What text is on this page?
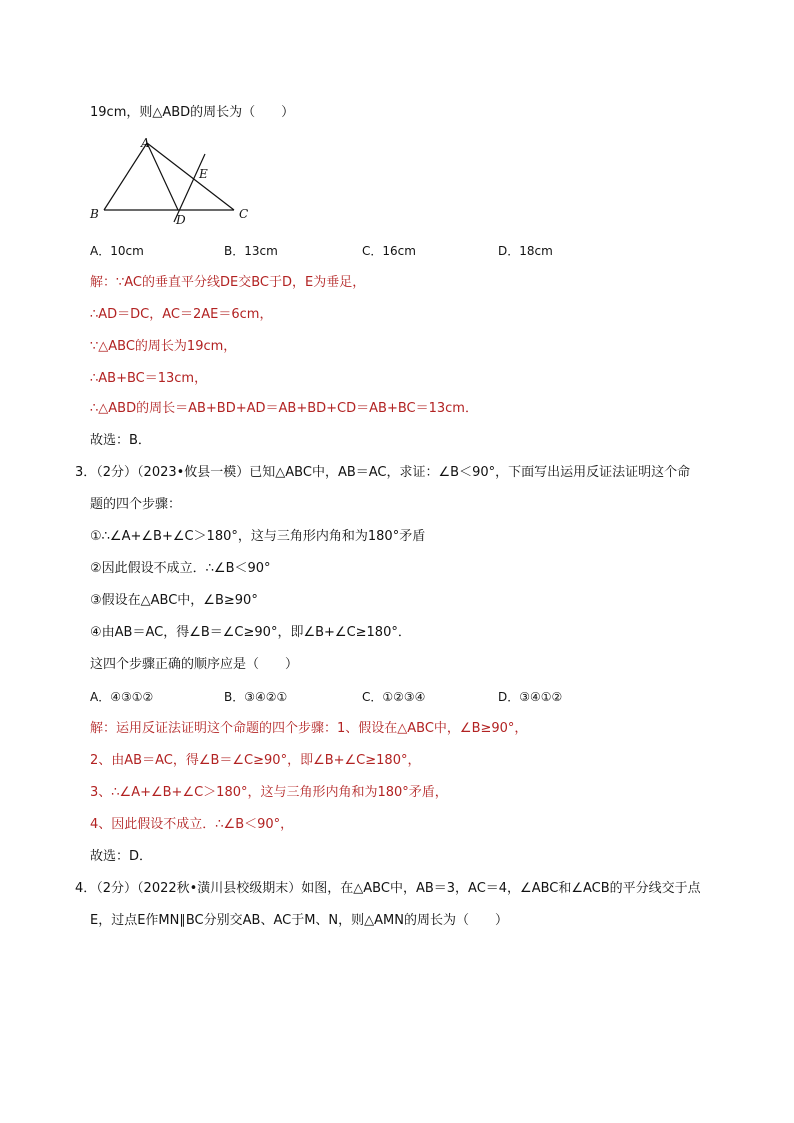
19cm，则△ABD的周长为（　　）
A
B	C
D
E
A．10cm	B．13cm	C．16cm	D．18cm
解：∵AC的垂直平分线DE交BC于D，E为垂足，
∴AD＝DC，AC＝2AE＝6cm，
∵△ABC的周长为19cm，
∴AB+BC＝13cm，
∴△ABD的周长＝AB+BD+AD＝AB+BD+CD＝AB+BC＝13cm．
故选：B．
3．（2分）（2023•攸县一模）已知△ABC中，AB＝AC，求证：∠B＜90°，下面写出运用反证法证明这个命
题的四个步骤：
①∴∠A+∠B+∠C＞180°，这与三角形内角和为180°矛盾
②因此假设不成立．∴∠B＜90°
③假设在△ABC中，∠B≥90°
④由AB＝AC，得∠B＝∠C≥90°，即∠B+∠C≥180°．
这四个步骤正确的顺序应是（　　）
A．④③①②	B．③④②①	C．①②③④	D．③④①②
解：运用反证法证明这个命题的四个步骤：1、假设在△ABC中，∠B≥90°，
2、由AB＝AC，得∠B＝∠C≥90°，即∠B+∠C≥180°，
3、∴∠A+∠B+∠C＞180°，这与三角形内角和为180°矛盾，
4、因此假设不成立．∴∠B＜90°，
故选：D．
4．（2分）（2022秋•潢川县校级期末）如图，在△ABC中，AB＝3，AC＝4，∠ABC和∠ACB的平分线交于点
E，过点E作MN∥BC分别交AB、AC于M、N，则△AMN的周长为（　　）
